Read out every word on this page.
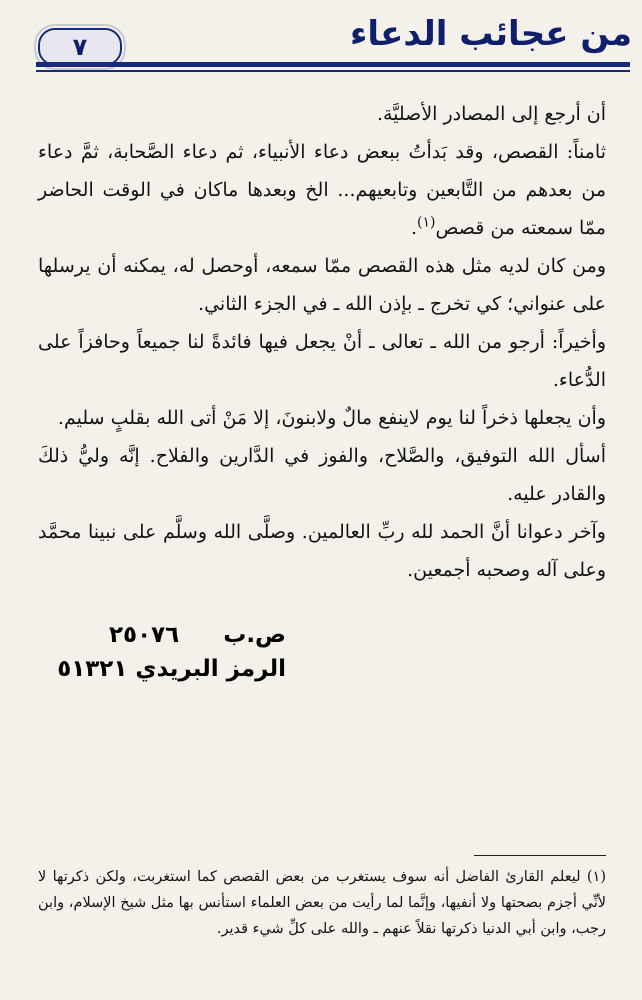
من عجائب الدعاء
٧

أن أرجع إلى المصادر الأصليَّة.

ثامناً: القصص، وقد بَدأتُ ببعض دعاء الأنبياء، ثم دعاء الصَّحابة، ثمَّ دعاء من بعدهم من التَّابعين وتابعيهم... الخ وبعدها ماكان في الوقت الحاضر ممّا سمعته من قصص$^{(١)}$.

ومن كان لديه مثل هذه القصص ممّا سمعه، أوحصل له، يمكنه أن يرسلها على عنواني؛ كي تخرج ـ بإذن الله ـ في الجزء الثاني.

وأخيراً: أرجو من الله ـ تعالى ـ أنْ يجعل فيها فائدةً لنا جميعاً وحافزاً على الدُّعاء.

وأن يجعلها ذخراً لنا يوم لاينفع مالٌ ولابنونَ، إلا مَنْ أتى الله بقلبٍ سليم.

أسأل الله التوفيق، والصَّلاح، والفوز في الدَّارين والفلاح. إنَّه وليُّ ذلكَ والقادر عليه.

وآخر دعوانا أنَّ الحمد لله ربِّ العالمين. وصلَّى الله وسلَّم على نبينا محمَّد وعلى آله وصحبه أجمعين.

ص.ب٢٥٠٧٦
الرمز البريدي ٥١٣٢١

(١) ليعلم القارئ الفاضل أنه سوف يستغرب من بعض القصص كما استغربت، ولكن ذكرتها لا لأنِّي أجزم بصحتها ولا أنفيها، وإنَّما لما رأيت من بعض العلماء استأنس بها مثل شيخ الإسلام، وابن رجب، وابن أبي الدنيا ذكرتها نقلاً عنهم ـ والله على كلِّ شيء قدير.
